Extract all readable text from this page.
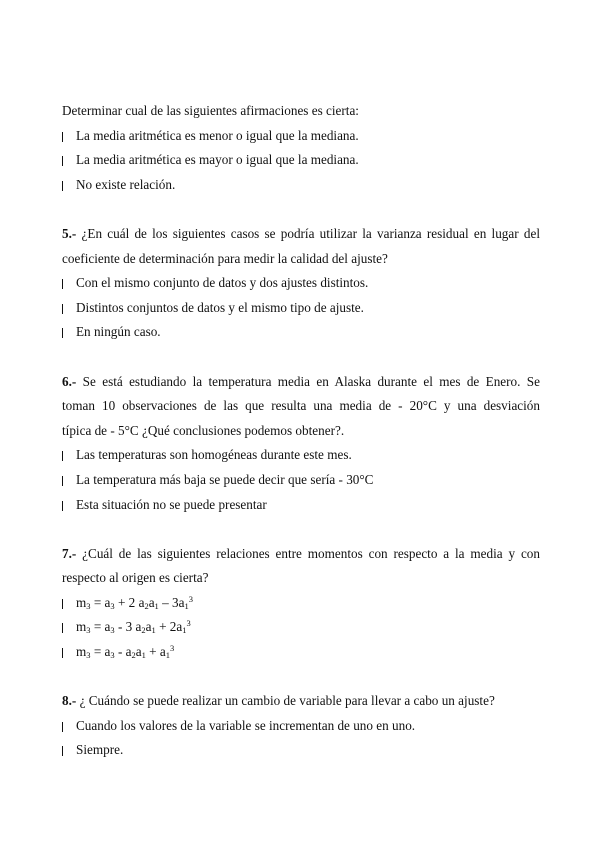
Determinar cual de las siguientes afirmaciones es cierta:
La media aritmética es menor o igual que la mediana.
La media aritmética es mayor o igual que la mediana.
No existe relación.
5.- ¿En cuál de los siguientes casos se podría utilizar la varianza residual en lugar del
coeficiente de determinación para medir la calidad del ajuste?
Con el mismo conjunto de datos y dos ajustes distintos.
Distintos conjuntos de datos y el mismo tipo de ajuste.
En ningún caso.
6.- Se está estudiando la temperatura media en Alaska durante el mes de Enero. Se
toman 10 observaciones de las que resulta una media de - 20°C y una desviación
típica de - 5°C ¿Qué conclusiones podemos obtener?.
Las temperaturas son homogéneas durante este mes.
La temperatura más baja se puede decir que sería - 30°C
Esta situación no se puede presentar
7.- ¿Cuál de las siguientes relaciones entre momentos con respecto a la media y con
respecto al origen es cierta?
$m_3 = a_3 + 2$ $a_2a_1 - 3a_1^3$
$m_3 = a_3 - 3$ $a_2a_1 + 2a_1^3$
$m_3 = a_3 - a_2a_1 + a_1^3$
8.- ¿ Cuándo se puede realizar un cambio de variable para llevar a cabo un ajuste?
Cuando los valores de la variable se incrementan de uno en uno.
Siempre.
